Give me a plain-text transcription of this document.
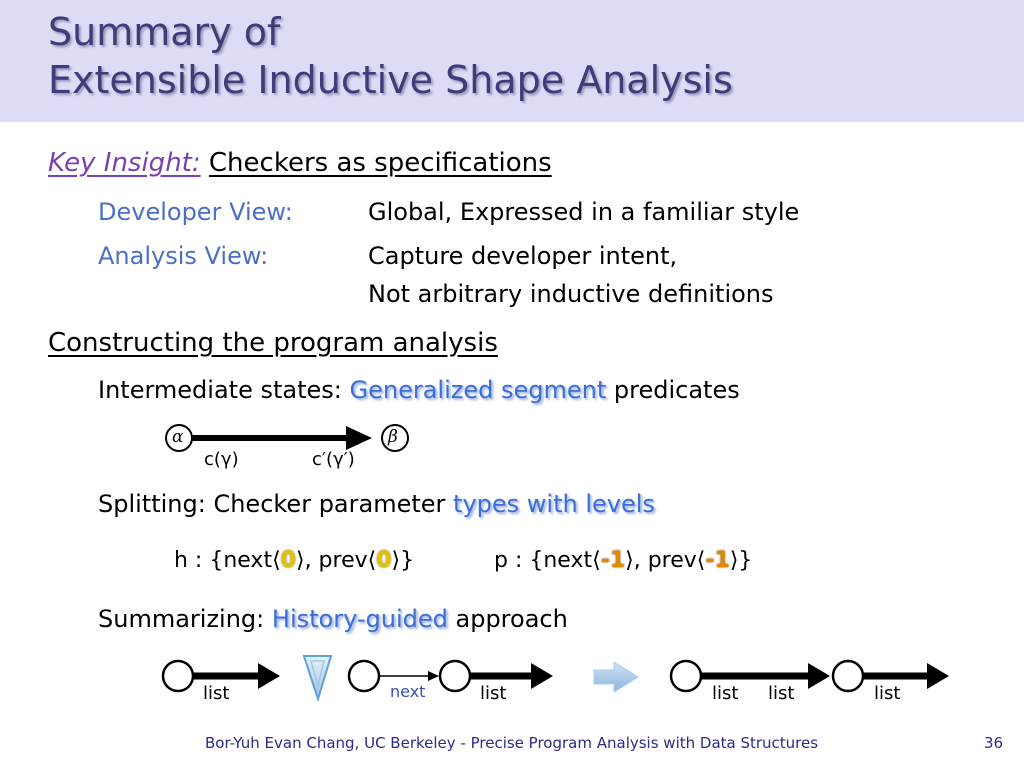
Summary of
Extensible Inductive Shape Analysis
Key Insight: Checkers as specifications
Developer View:	Global, Expressed in a familiar style
Analysis View:	Capture developer intent,
Not arbitrary inductive definitions
Constructing the program analysis
Intermediate states: Generalized segment predicates
α	β
c(γ)	c′(γ′)
Splitting: Checker parameter types with levels
h : {next⟨0⟩, prev⟨0⟩}	p : {next⟨-1⟩, prev⟨-1⟩}
Summarizing: History-guided approach
list	next	list	list list	list
Bor-Yuh Evan Chang, UC Berkeley - Precise Program Analysis with Data Structures	36
